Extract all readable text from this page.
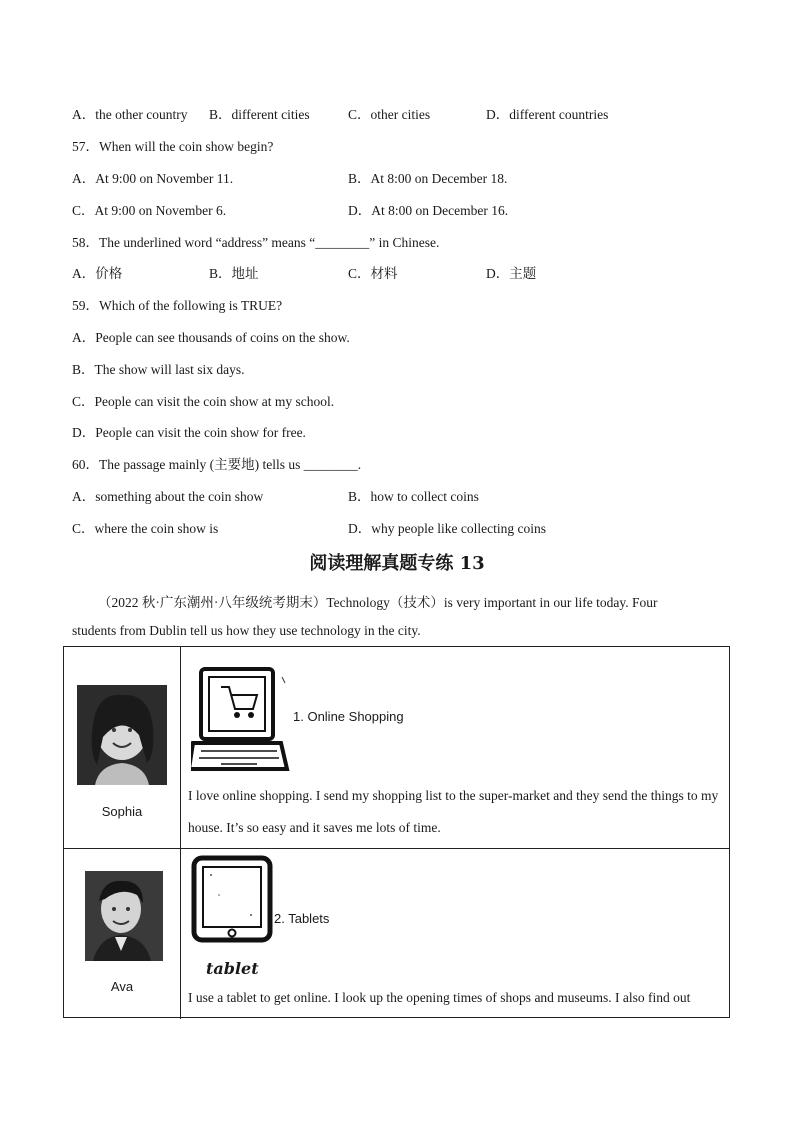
A．the other country B．different cities	C．other cities	D．different countries
57．When will the coin show begin?
A．At 9:00 on November 11.	B．At 8:00 on December 18.
C．At 9:00 on November 6.	D．At 8:00 on December 16.
58．The underlined word “address” means “________” in Chinese.
A．价格	B．地址	C．材料	D．主题
59．Which of the following is TRUE?
A．People can see thousands of coins on the show.
B．The show will last six days.
C．People can visit the coin show at my school.
D．People can visit the coin show for free.
60．The passage mainly (主要地) tells us ________.
A．something about the coin show	B．how to collect coins
C．where the coin show is	D．why people like collecting coins
阅读理解真题专练 13
（2022 秋·广东潮州·八年级统考期末）Technology（技术）is very important in our life today. Four
students from Dublin tell us how they use technology in the city.
Sophia
1. Online Shopping
I love online shopping. I send my shopping list to the super-market and they send the things to my house. It’s so easy and it saves me lots of time.
Ava
tablet
2. Tablets
I use a tablet to get online. I look up the opening times of shops and museums. I also find out
